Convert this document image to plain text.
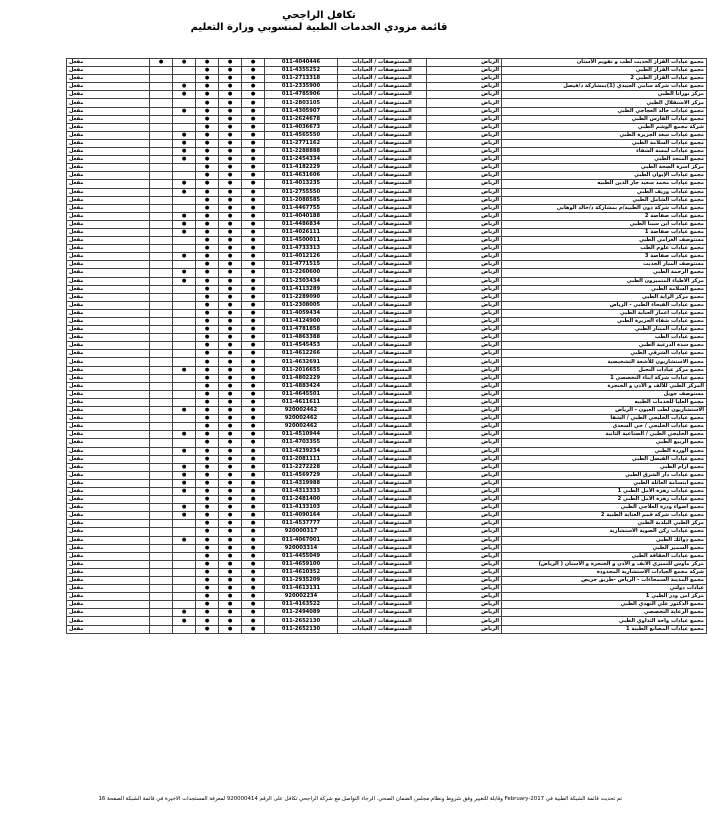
تكافل الراجحي
قائمة مزودي الخدمات الطبية لمنسوبي وزارة التعليم
مجمع عيادات القزاز الحديث لطب و تقويم الأسنان	الرياض	المستوصفات / العيادات	011-4040446	●	●	●	●	●	مفعل
مجمع عيادات القزاز الطبي	الرياض	المستوصفات / العيادات	011-4355252	●	●	●			مفعل
مجمع عيادات القزاز الطبي 2	الرياض	المستوصفات / العيادات	011-2713318	●	●	●			مفعل
مجمع عيادات شركة سامي العبيدي (1)بمشاركة د/فيصل	الرياض	المستوصفات / العيادات	011-2335900	●	●	●	●		مفعل
مركز نورانا الطبي	الرياض	المستوصفات / العيادات	011-4785906	●	●	●	●		مفعل
مركز الاستقلال الطبي	الرياض	المستوصفات / العيادات	011-2803105	●	●	●			مفعل
مجمع عيادات خالد العجاجي الطبي	الرياض	المستوصفات / العيادات	011-4305907	●	●	●	●		مفعل
مجمع عيادات الفارس الطبي	الرياض	المستوصفات / العيادات	011-2624678	●	●	●			مفعل
شركة مجمع الوشم الطبي	الرياض	المستوصفات / العيادات	011-4036673	●	●	●			مفعل
مجمع عيادات سعد الجزيرة الطبي	الرياض	المستوصفات / العيادات	011-4565550	●	●	●	●		مفعل
مجمع عيادات السلامة الطبي	الرياض	المستوصفات / العيادات	011-2771162	●	●	●	●		مفعل
مجمع عيادات لمسة الشفاء	الرياض	المستوصفات / العيادات	011-2288888	●	●	●	●		مفعل
مجمع المتحد الطبي	الرياض	المستوصفات / العيادات	011-2454334	●	●	●	●		مفعل
مركز اسرة الصحة الطبي	الرياض	المستوصفات / العيادات	011-4182229	●	●	●			مفعل
مجمع عيادات الإيوان الطبي	الرياض	المستوصفات / العيادات	011-4631606	●	●	●			مفعل
مجمع عيادات محمد سعيد جار الدين الطبيه	الرياض	المستوصفات / العيادات	011-4013235	●	●	●	●		مفعل
مجمع عيادات وريف الطبي	الرياض	المستوصفات / العيادات	011-2755550	●	●	●	●		مفعل
مجمع عيادات الشامل الطبي	الرياض	المستوصفات / العيادات	011-2088585	●	●	●			مفعل
مجمع عيادات شركة ذون الطبية/م بمشاركة د/خالد الوهابي	الرياض	المستوصفات / العيادات	011-4467755	●	●	●			مفعل
مجمع عيادات صفاصة 2	الرياض	المستوصفات / العيادات	011-4040188	●	●	●	●		مفعل
مجمع عيادات ابن سينا الطبي	الرياض	المستوصفات / العيادات	011-4486834	●	●	●	●		مفعل
مجمع عيادات صفاصة 1	الرياض	المستوصفات / العيادات	011-4026111	●	●	●	●		مفعل
مستوصف العزامي الطبي	الرياض	المستوصفات / العيادات	011-4500011	●	●	●			مفعل
مجمع عيادات علوم الطب	الرياض	المستوصفات / العيادات	011-4733313	●	●	●			مفعل
مجمع عيادات صفاصة 3	الرياض	المستوصفات / العيادات	011-4012126	●	●	●	●		مفعل
مستوصف المنار الحديث	الرياض	المستوصفات / العيادات	011-4771515	●	●	●			مفعل
مجمع الرحمة الطبي	الرياض	المستوصفات / العيادات	011-2260600	●	●	●	●		مفعل
مركز الأطباء المتميزون الطبي	الرياض	المستوصفات / العيادات	011-2303434	●	●	●	●		مفعل
مجمع السلامة الطبي	الرياض	المستوصفات / العيادات	011-4113289	●	●	●			مفعل
مجمع مركز الراية الطبي	الرياض	المستوصفات / العيادات	011-2289090	●	●	●			مفعل
مجمع عيادات الفيحاء الطبي - الرياض	الرياض	المستوصفات / العيادات	011-2308005	●	●	●			مفعل
مجمع عيادات اعمار العناية الطبي	الرياض	المستوصفات / العيادات	011-4059434	●	●	●			مفعل
مجمع عيادات شفاء الجزيرة الطبي	الرياض	المستوصفات / العيادات	011-4124900	●	●	●			مفعل
مجمع عيادات المنتار الطبي	الرياض	المستوصفات / العيادات	011-4781858	●	●	●			مفعل
مجمع عيادات الطب	الرياض	المستوصفات / العيادات	011-4863388	●	●	●			مفعل
مجمع سدة الدرعية الطبي	الرياض	المستوصفات / العيادات	011-4545453	●	●	●			مفعل
مجمع عيادات الشرقي الطبي	الرياض	المستوصفات / العيادات	011-4612266	●	●	●			مفعل
مجمع الاستشاريون للأشعة التشخيصية	الرياض	المستوصفات / العيادات	011-4632691	●	●	●			مفعل
مجمع مركز عيادات النحيل	الرياض	المستوصفات / العيادات	011-2016655	●	●	●	●		مفعل
مجمع عيادات شركة ابناء التخصصي 1	الرياض	المستوصفات / العيادات	011-4802229	●	●	●			مفعل
المركز الطبي للألف و الأذن و الحنجرة	الرياض	المستوصفات / العيادات	011-4883424	●	●	●			مفعل
مستوصف جويل	الرياض	المستوصفات / العيادات	011-4645501	●	●	●			مفعل
مجمع العليا للخدمات الطبيه	الرياض	المستوصفات / العيادات	011-4611611	●	●	●			مفعل
الاستشاريون لطب العيون - الرياض	الرياض	المستوصفات / العيادات	920002462	●	●	●	●		مفعل
مجمع عيادات الخليجي الطبي / الشفا	الرياض	المستوصفات / العيادات	920002462	●	●	●			مفعل
مجمع عيادات الخليجي / حي السعدي	الرياض	المستوصفات / العيادات	920002462	●	●	●			مفعل
مجمع الخليجي الطبي / الصناعية الثانية	الرياض	المستوصفات / العيادات	011-4510944	●	●	●	●		مفعل
مجمع الربيع الطبي	الرياض	المستوصفات / العيادات	011-4703355	●	●	●			مفعل
مجمع الوردة الطبي	الرياض	المستوصفات / العيادات	011-4239234	●	●	●	●		مفعل
مجمع عيادات الفيصل الطبي	الرياض	المستوصفات / العيادات	011-2081111	●	●	●			مفعل
مجمع ارام الطبي	الرياض	المستوصفات / العيادات	011-2272228	●	●	●	●		مفعل
مجمع عيادات دار الشرق الطبي	الرياض	المستوصفات / العيادات	011-4569729	●	●	●	●		مفعل
مجمع ابتسامة العائلة الطبي	الرياض	المستوصفات / العيادات	011-4319988	●	●	●	●		مفعل
مجمع عيادات زهرة الأمل الطبي 1	الرياض	المستوصفات / العيادات	011-4313333	●	●	●	●		مفعل
مجمع عيادات زهرة الامل الطبي 2	الرياض	المستوصفات / العيادات	011-2481400	●	●	●			مفعل
مجمع اضواء ودرة العلاجي الطبي	الرياض	المستوصفات / العيادات	011-4133103	●	●	●	●		مفعل
مجمع عيادات شركة قمم العناية الطبية 2	الرياض	المستوصفات / العيادات	011-4090164	●	●	●	●		مفعل
مركز الطبي البلدية الطبي	الرياض	المستوصفات / العيادات	011-4537777	●	●	●			مفعل
مجمع عيادات ركن الصوية الاستشارية	الرياض	المستوصفات / العيادات	920000317	●	●	●			مفعل
مجمع دوائك الطبي	الرياض	المستوصفات / العيادات	011-4067001	●	●	●	●		مفعل
مجمع السمير الطبي	الرياض	المستوصفات / العيادات	920003314	●	●	●			مفعل
مجمع عيادات الحقاقة الطبي	الرياض	المستوصفات / العيادات	011-4455049	●	●	●			مفعل
مركز ماوس للتميزي الانف و الأذن و الحنجرة و الاسنان ( الرياض)	الرياض	المستوصفات / العيادات	011-4659100	●	●	●			مفعل
شركة مجمع العيادات الاستشارية المحدودة	الرياض	المستوصفات / العيادات	011-4610352	●	●	●			مفعل
مجمع المدينة السمحاءات - الرياض -طريق خريص	الرياض	المستوصفات / العيادات	011-2935209	●	●	●			مفعل
عيادات دولتي	الرياض	المستوصفات / العيادات	011-4613131	●	●	●			مفعل
مركز امن ودر الطبي 1	الرياض	المستوصفات / العيادات	920002234	●	●	●			مفعل
مجمع الدكتور علي النهدي الطبي	الرياض	المستوصفات / العيادات	011-4163522	●	●	●			مفعل
مجمع الرعاية التخصصي	الرياض	المستوصفات / العيادات	011-2494089	●	●	●	●		مفعل
مجمع عيادات واحة التداوي الطبي	الرياض	المستوصفات / العيادات	011-2652130	●	●	●	●		مفعل
مجمع عيادات المصانع الطبية 1	الرياض	المستوصفات / العيادات	011-2652130	●	●	●			مفعل
تم تحديث قائمة الشبكة الطبية في February-2017 وقابلة للتغيير وفق شروط ونظام مجلس الضمان الصحي. الرجاء التواصل مع شركة الراجحي تكافل على الرقم 920000414 لمعرفة المستجدات الاخيرة في قائمة الشبكة الصفحة 16
